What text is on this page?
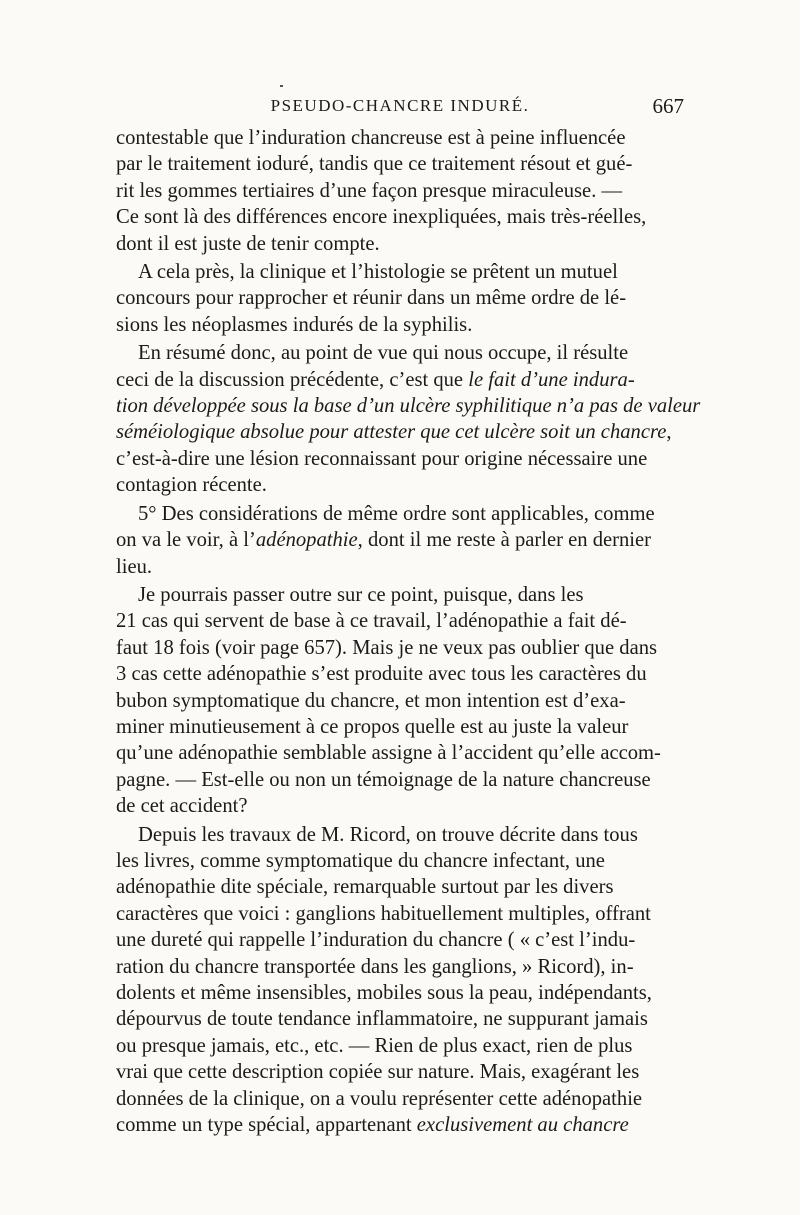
PSEUDO-CHANCRE INDURÉ.	667
contestable que l’induration chancreuse est à peine influencée
par le traitement ioduré, tandis que ce traitement résout et gué-
rit les gommes tertiaires d’une façon presque miraculeuse. —
Ce sont là des différences encore inexpliquées, mais très-réelles,
dont il est juste de tenir compte.
A cela près, la clinique et l’histologie se prêtent un mutuel
concours pour rapprocher et réunir dans un même ordre de lé-
sions les néoplasmes indurés de la syphilis.
En résumé donc, au point de vue qui nous occupe, il résulte
ceci de la discussion précédente, c’est que le fait d’une indura-
tion développée sous la base d’un ulcère syphilitique n’a pas de valeur
séméiologique absolue pour attester que cet ulcère soit un chancre,
c’est-à-dire une lésion reconnaissant pour origine nécessaire une
contagion récente.
5° Des considérations de même ordre sont applicables, comme
on va le voir, à l’adénopathie, dont il me reste à parler en dernier
lieu.
Je pourrais passer outre sur ce point, puisque, dans les
21 cas qui servent de base à ce travail, l’adénopathie a fait dé-
faut 18 fois (voir page 657). Mais je ne veux pas oublier que dans
3 cas cette adénopathie s’est produite avec tous les caractères du
bubon symptomatique du chancre, et mon intention est d’exa-
miner minutieusement à ce propos quelle est au juste la valeur
qu’une adénopathie semblable assigne à l’accident qu’elle accom-
pagne. — Est-elle ou non un témoignage de la nature chancreuse
de cet accident?
Depuis les travaux de M. Ricord, on trouve décrite dans tous
les livres, comme symptomatique du chancre infectant, une
adénopathie dite spéciale, remarquable surtout par les divers
caractères que voici : ganglions habituellement multiples, offrant
une dureté qui rappelle l’induration du chancre ( « c’est l’indu-
ration du chancre transportée dans les ganglions, » Ricord), in-
dolents et même insensibles, mobiles sous la peau, indépendants,
dépourvus de toute tendance inflammatoire, ne suppurant jamais
ou presque jamais, etc., etc. — Rien de plus exact, rien de plus
vrai que cette description copiée sur nature. Mais, exagérant les
données de la clinique, on a voulu représenter cette adénopathie
comme un type spécial, appartenant exclusivement au chancre
